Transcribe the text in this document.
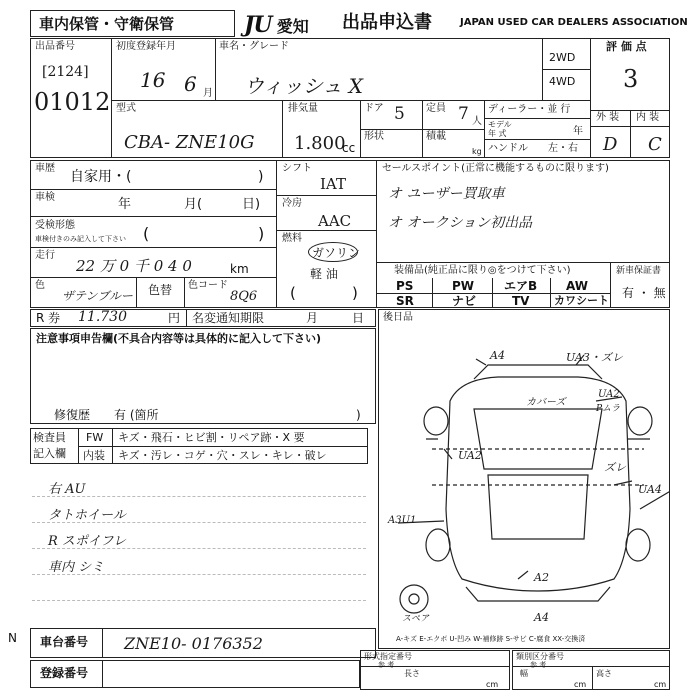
車内保管・守衛保管	JU 愛知 出品申込書	JAPAN USED CAR DEALERS ASSOCIATION
出品番号
[2124]
01012
初度登録年月
16 6 月
車名・グレード
ウィッシュ X
2WD
4WD
評 価 点
3
外 装 内 装
D C
型式
CBA- ZNE10G
排気量
1.800
cc
ドア 5
形状
定員 7 人
積載
kg
ディーラー・並 行
モデル
年 式	年
ハンドル 左・右
車歴
自家用・(	)
車検	年	月(	日)
受検形態
車検付きのみ記入して下さい (	)
走行
22 万 0 千 0 4 0	km
色
ザテンブルー 色替 色コード
8Q6
シフト
IAT
冷房
AAC
燃料
ガソリン
軽 油
(	)
セールスポイント(正常に機能するものに限ります)
オ ユーザー買取車
オ オークション初出品
装備品(純正品に限り◎をつけて下さい)
PS	PW エアB AW
SR	ナビ	TV カワシート
新車保証書
有 ・ 無
R 券 11.730	円 名変通知期限	月	日
注意事項申告欄(不具合内容等は具体的に記入して下さい)
修復歴 有 (箇所	)
検査員
記入欄
FW キズ・飛石・ヒビ割・リペア跡・X 要
内装 キズ・汚レ・コゲ・穴・スレ・キレ・破レ
右 AU
タトホイール
R スポイフレ
車内 シミ
後日品
A4	UA3・ズレ
カバーズ
UA2
Pムラ
UA2
ズレ
UA4
A3U1
A2
A4
スペア
A-キズ E-エクボ U-凹み W-補修跡 S-サビ C-腐食 XX-交換済
N 車台番号 ZNE10- 0176352
登録番号
形式指定番号
参 考
長さ
cm
類別区分番号
参 考
幅
cm
高さ
cm
